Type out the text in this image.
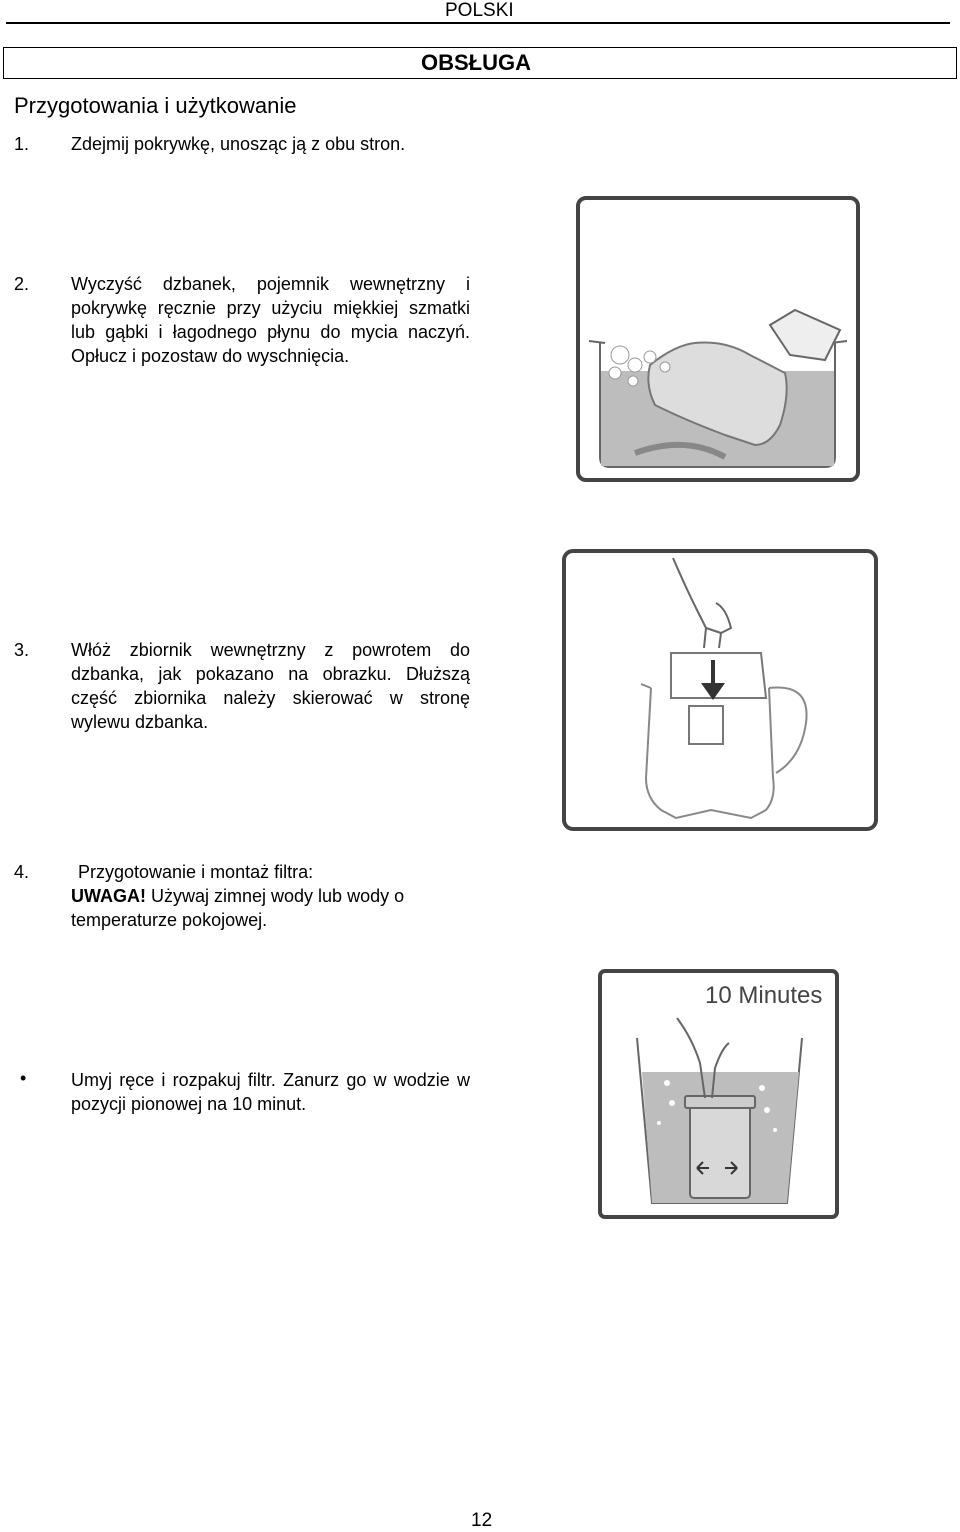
POLSKI
OBSŁUGA
Przygotowania i użytkowanie
1. Zdejmij pokrywkę, unosząc ją z obu stron.
2. Wyczyść dzbanek, pojemnik wewnętrzny i pokrywkę ręcznie przy użyciu miękkiej szmatki lub gąbki i łagodnego płynu do mycia naczyń. Opłucz i pozostaw do wyschnięcia.

3. Włóż zbiornik wewnętrzny z powrotem do dzbanka, jak pokazano na obrazku. Dłuższą część zbiornika należy skierować w stronę wylewu dzbanka.

4.	Przygotowanie i montaż filtra:
UWAGA! Używaj zimnej wody lub wody o temperaturze pokojowej.
10 Minutes
• Umyj ręce i rozpakuj filtr. Zanurz go w wodzie w pozycji pionowej na 10 minut.

12
